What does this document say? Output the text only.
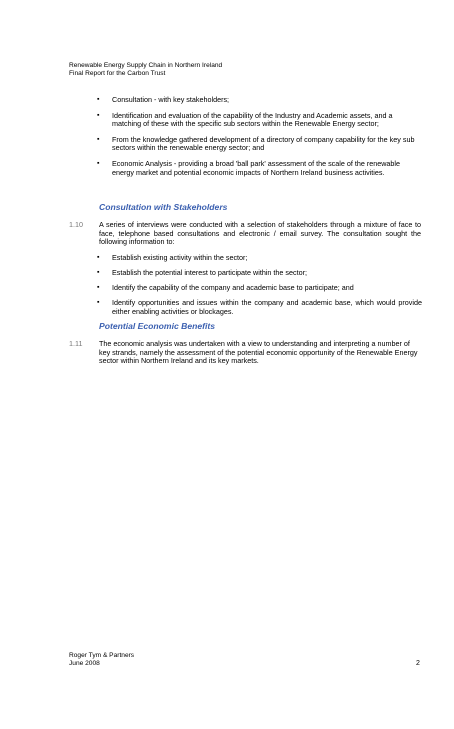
Renewable Energy Supply Chain in Northern Ireland
Final Report for the Carbon Trust
▪ Consultation - with key stakeholders;
▪ Identification and evaluation of the capability of the Industry and Academic assets, and a matching of these with the specific sub sectors within the Renewable Energy sector;
▪ From the knowledge gathered development of a directory of company capability for the key sub sectors within the renewable energy sector; and
▪ Economic Analysis - providing a broad 'ball park' assessment of the scale of the renewable energy market and potential economic impacts of Northern Ireland business activities.
Consultation with Stakeholders
1.10 A series of interviews were conducted with a selection of stakeholders through a mixture of face to face, telephone based consultations and electronic / email survey. The consultation sought the following information to:
▪ Establish existing activity within the sector;
▪ Establish the potential interest to participate within the sector;
▪ Identify the capability of the company and academic base to participate; and
▪ Identify opportunities and issues within the company and academic base, which would provide either enabling activities or blockages.
Potential Economic Benefits
1.11 The economic analysis was undertaken with a view to understanding and interpreting a number of key strands, namely the assessment of the potential economic opportunity of the Renewable Energy sector within Northern Ireland and its key markets.
Roger Tym & Partners
June 2008	2
